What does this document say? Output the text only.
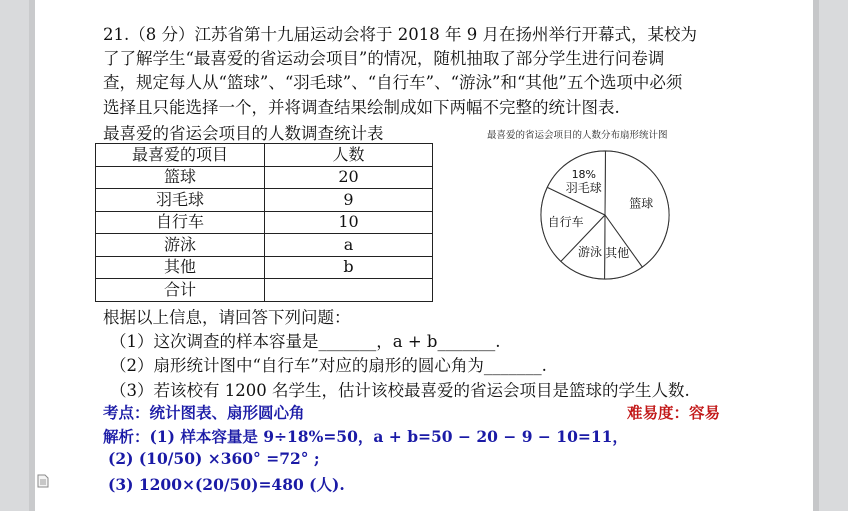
21.（8 分）江苏省第十九届运动会将于 2018 年 9 月在扬州举行开幕式，某校为
了了解学生“最喜爱的省运动会项目”的情况，随机抽取了部分学生进行问卷调
查，规定每人从“篮球”、“羽毛球”、“自行车”、“游泳”和“其他”五个选项中必须
选择且只能选择一个，并将调查结果绘制成如下两幅不完整的统计图表.
最喜爱的省运会项目的人数调查统计表
最喜爱的项目	人数
篮球	20
羽毛球	9
自行车	10
游泳	a
其他	b
合计	
最喜爱的省运会项目的人数分布扇形统计图
篮球
其他
游泳
自行车
18%
羽毛球
根据以上信息，请回答下列问题：
（1）这次调查的样本容量是_______，a + b_______.
（2）扇形统计图中“自行车”对应的扇形的圆心角为_______.
（3）若该校有 1200 名学生，估计该校最喜爱的省运会项目是篮球的学生人数.
考点：统计图表、扇形圆心角	难易度：容易
解析：(1) 样本容量是 9÷18%=50，a + b=50 − 20 − 9 − 10=11，
(2) (10/50) ×360° =72° ;
(3) 1200×(20/50)=480 (人).
